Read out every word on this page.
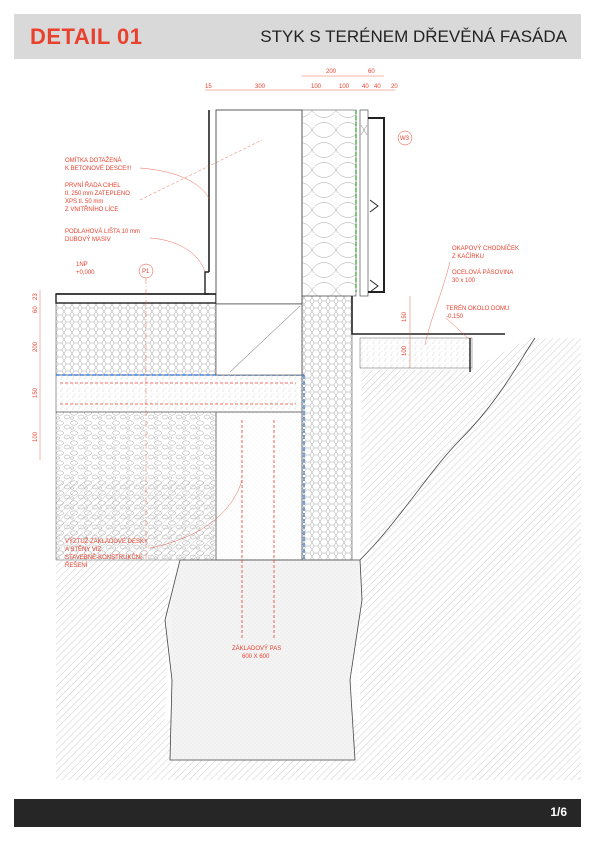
DETAIL 01	STYK S TERÉNEM DŘEVĚNÁ FASÁDA
OMÍTKA DOTAŽENÁ
K BETONOVÉ DESCE!!!
PRVNÍ ŘADA CIHEL
tl. 250 mm ZATEPLENO
XPS tl. 50 mm
Z VNITŘNÍHO LÍCE
PODLAHOVÁ LIŠTA 10 mm
DUBOVÝ MASIV
1NP
+0,000	P1
W3
OKAPOVÝ CHODNÍČEK
Z KAČÍRKU
OCELOVÁ PÁSOVINA
30 x 100
TERÉN OKOLO DOMU
-0,150
VÝZTUŽ ZÁKLADOVÉ DESKY
A STĚNY VIZ
STAVEBNĚ-KONSTRUKČNÍ
ŘEŠENÍ
ZÁKLADOVÝ PAS
600 X 600
200	60
15	300	100	100 40 40 20
60
23
200
150
100
150
100
1/6
